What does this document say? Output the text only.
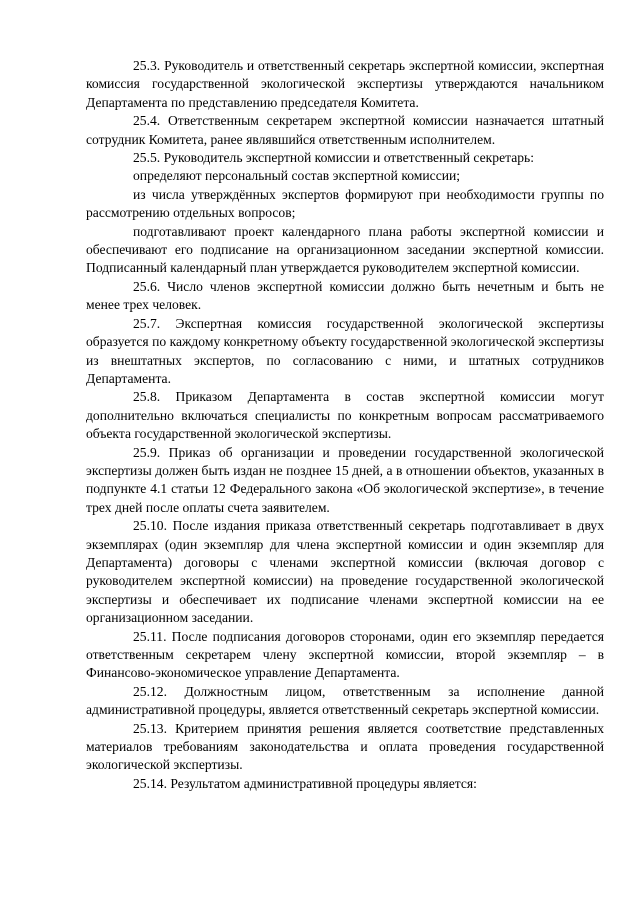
25.3. Руководитель и ответственный секретарь экспертной комиссии, экспертная комиссия государственной экологической экспертизы утверждаются начальником Департамента по представлению председателя Комитета.

25.4. Ответственным секретарем экспертной комиссии назначается штатный сотрудник Комитета, ранее являвшийся ответственным исполнителем.

25.5. Руководитель экспертной комиссии и ответственный секретарь:

определяют персональный состав экспертной комиссии;

из числа утверждённых экспертов формируют при необходимости группы по рассмотрению отдельных вопросов;

подготавливают проект календарного плана работы экспертной комиссии и обеспечивают его подписание на организационном заседании экспертной комиссии. Подписанный календарный план утверждается руководителем экспертной комиссии.

25.6. Число членов экспертной комиссии должно быть нечетным и быть не менее трех человек.

25.7. Экспертная комиссия государственной экологической экспертизы образуется по каждому конкретному объекту государственной экологической экспертизы из внештатных экспертов, по согласованию с ними, и штатных сотрудников Департамента.

25.8. Приказом Департамента в состав экспертной комиссии могут дополнительно включаться специалисты по конкретным вопросам рассматриваемого объекта государственной экологической экспертизы.

25.9. Приказ об организации и проведении государственной экологической экспертизы должен быть издан не позднее 15 дней, а в отношении объектов, указанных в подпункте 4.1 статьи 12 Федерального закона «Об экологической экспертизе», в течение трех дней после оплаты счета заявителем.

25.10. После издания приказа ответственный секретарь подготавливает в двух экземплярах (один экземпляр для члена экспертной комиссии и один экземпляр для Департамента) договоры с членами экспертной комиссии (включая договор с руководителем экспертной комиссии) на проведение государственной экологической экспертизы и обеспечивает их подписание членами экспертной комиссии на ее организационном заседании.

25.11. После подписания договоров сторонами, один его экземпляр передается ответственным секретарем члену экспертной комиссии, второй экземпляр – в Финансово-экономическое управление Департамента.

25.12. Должностным лицом, ответственным за исполнение данной административной процедуры, является ответственный секретарь экспертной комиссии.

25.13. Критерием принятия решения является соответствие представленных материалов требованиям законодательства и оплата проведения государственной экологической экспертизы.

25.14. Результатом административной процедуры является:
